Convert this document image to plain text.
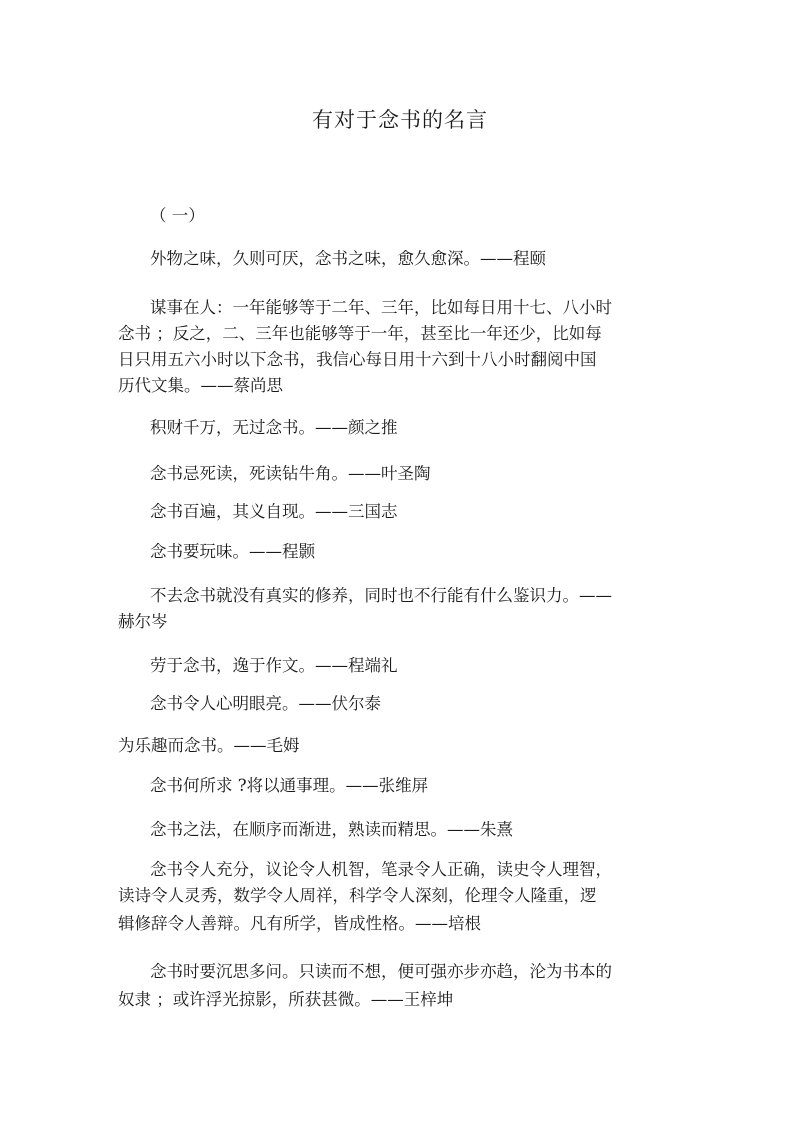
有对于念书的名言
（ 一）
外物之味，久则可厌，念书之味，愈久愈深。——程颐
谋事在人：一年能够等于二年、三年，比如每日用十七、八小时
念书 ；反之，二、三年也能够等于一年，甚至比一年还少，比如每
日只用五六小时以下念书，我信心每日用十六到十八小时翻阅中国
历代文集。——蔡尚思
积财千万，无过念书。——颜之推
念书忌死读，死读钻牛角。——叶圣陶
念书百遍，其义自现。——三国志
念书要玩味。——程颢
不去念书就没有真实的修养，同时也不行能有什么鉴识力。——
赫尔岑
劳于念书，逸于作文。——程端礼
念书令人心明眼亮。——伏尔泰
为乐趣而念书。——毛姆
念书何所求 ?将以通事理。——张维屏
念书之法，在顺序而渐进，熟读而精思。——朱熹
念书令人充分，议论令人机智，笔录令人正确，读史令人理智，
读诗令人灵秀，数学令人周祥，科学令人深刻，伦理令人隆重，逻
辑修辞令人善辩。凡有所学，皆成性格。——培根
念书时要沉思多问。只读而不想，便可强亦步亦趋，沦为书本的
奴隶 ；或许浮光掠影，所获甚微。——王梓坤
